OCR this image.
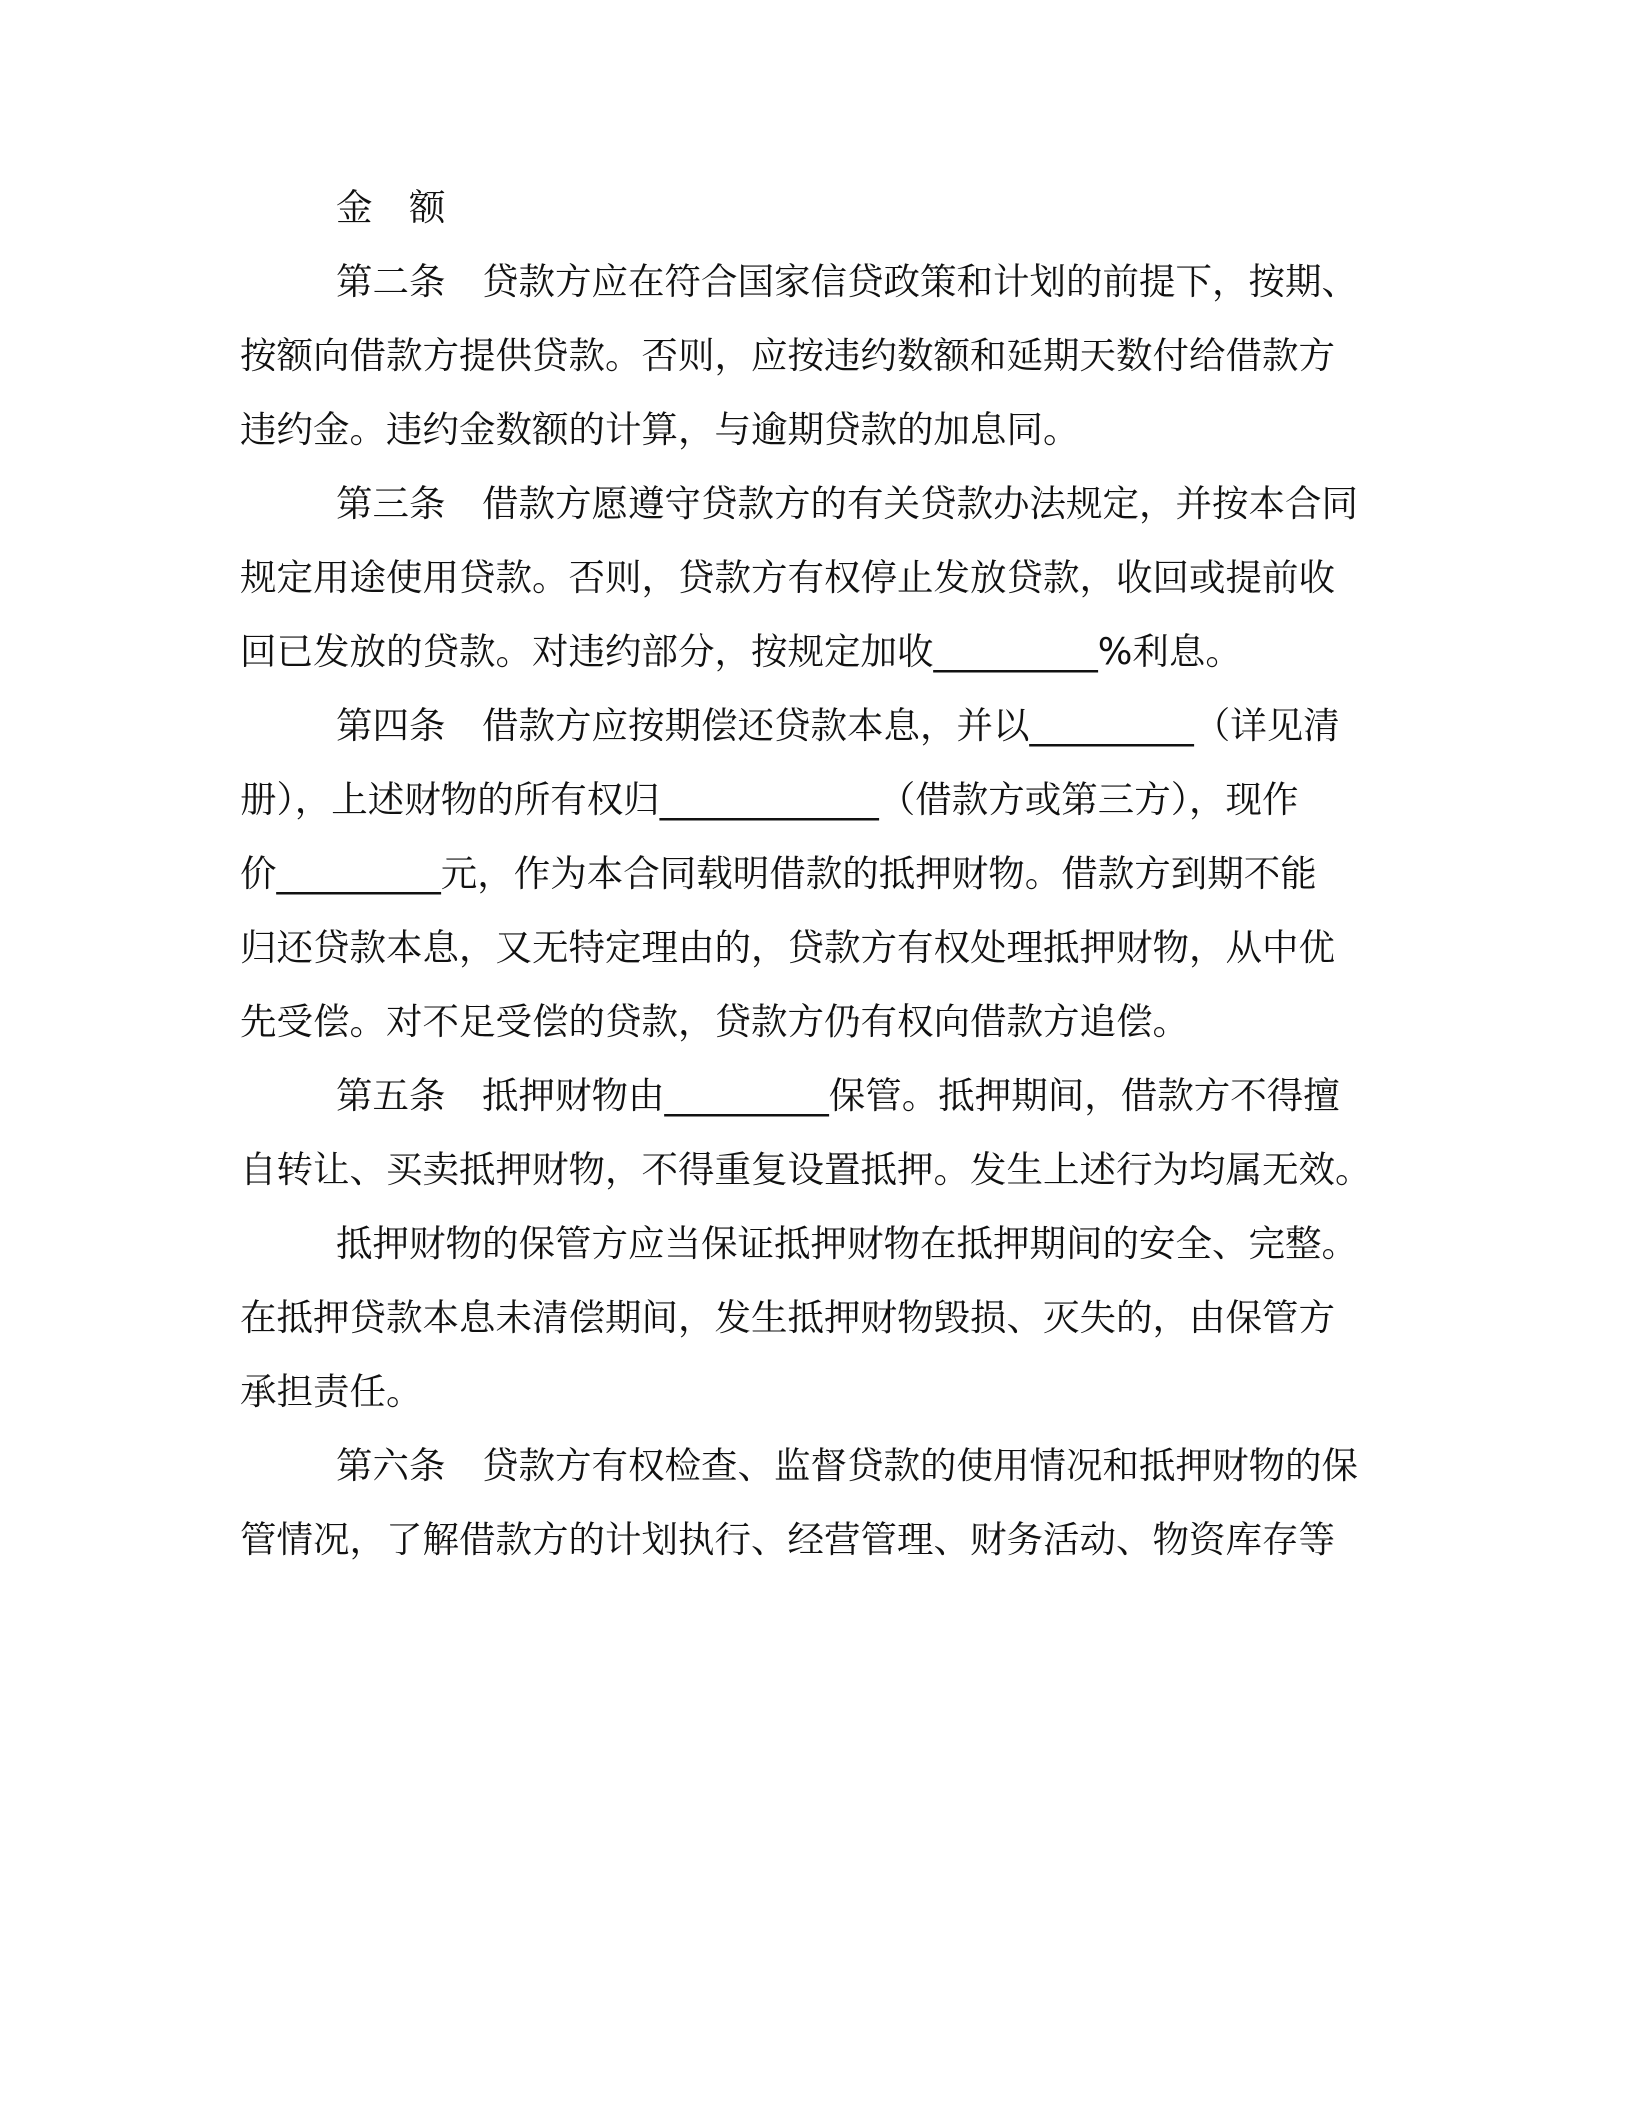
金　额

第二条　贷款方应在符合国家信贷政策和计划的前提下，按期、
按额向借款方提供贷款。否则，应按违约数额和延期天数付给借款方
违约金。违约金数额的计算，与逾期贷款的加息同。

第三条　借款方愿遵守贷款方的有关贷款办法规定，并按本合同
规定用途使用贷款。否则，贷款方有权停止发放贷款，收回或提前收
回已发放的贷款。对违约部分，按规定加收_________%利息。

第四条　借款方应按期偿还贷款本息，并以_________（详见清
册），上述财物的所有权归____________（借款方或第三方），现作
价_________元，作为本合同载明借款的抵押财物。借款方到期不能
归还贷款本息，又无特定理由的，贷款方有权处理抵押财物，从中优
先受偿。对不足受偿的贷款，贷款方仍有权向借款方追偿。

第五条　抵押财物由_________保管。抵押期间，借款方不得擅
自转让、买卖抵押财物，不得重复设置抵押。发生上述行为均属无效。

抵押财物的保管方应当保证抵押财物在抵押期间的安全、完整。
在抵押贷款本息未清偿期间，发生抵押财物毁损、灭失的，由保管方
承担责任。

第六条　贷款方有权检查、监督贷款的使用情况和抵押财物的保
管情况，了解借款方的计划执行、经营管理、财务活动、物资库存等
